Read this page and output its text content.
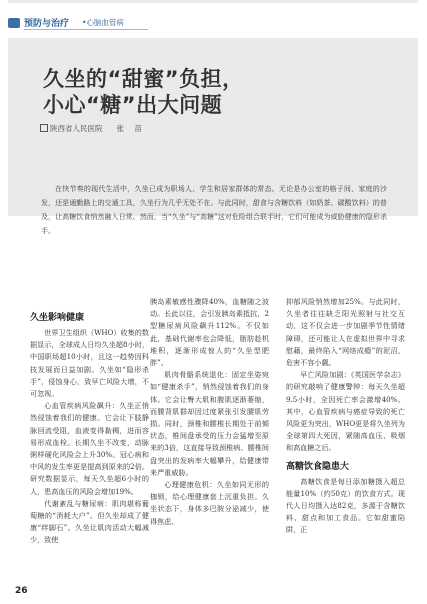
预防与治疗 •心脑血管病
久坐的“甜蜜”负担，
小心“糖”出大问题
陕西省人民医院 张 苗
在快节奏的现代生活中，久坐已成为职场人、学生和居家群体的常态。无论是办公室的格子间、家庭的沙发，还是通勤路上的交通工具，久坐行为几乎无处不在。与此同时，甜食与含糖饮料（如奶茶、碳酸饮料）的普及，让高糖饮食悄然融入日常。然而，当“久坐”与“高糖”这对危险组合联手时，它们可能成为威胁健康的隐形杀手。

久坐影响健康

世界卫生组织（WHO）收集的数据显示，全球成人日均久坐超8小时，中国职场超10小时，且这一趋势因科技发展而日益加剧。久坐如“隐形杀手”，侵蚀身心，致早亡风险大增，不可忽视。

心血管疾病风险飙升：久坐正悄然侵蚀着我们的健康。它会让下肢静脉回流受阻，血液变得黏稠，进而容易形成血栓。长期久坐不改变，动脉粥样硬化风险会上升30%。冠心病和中风的发生率更是提高到原来的2倍。研究数据显示，每天久坐超6小时的人，患高血压的风险会增加19%。

代谢紊乱与糖尿病：肌肉堪称葡萄糖的“消耗大户”。但久坐却成了健康“绊脚石”。久坐让肌肉活动大幅减少，致使

胰岛素敏感性骤降40%，血糖随之波动。长此以往，会引发胰岛素抵抗，2型糖尿病风险飙升112%。不仅如此，基础代谢率也会降低，脂肪趁机堆积，逐渐形成惊人的“久坐型肥胖”。

肌肉骨骼系统退化：固定坐姿宛如“健康杀手”，悄然侵蚀着我们的身体。它会让臀大肌和腹肌逐渐萎缩，而腰背肌群却因过度紧张引发腰肌劳损。同时，颈椎和腰椎长期处于前倾状态，椎间盘承受的压力会猛增至原来的3倍，这直接导致颈椎病、腰椎间盘突出的发病率大幅攀升，给健康带来严重威胁。

心理健康危机：久坐如同无形的枷锁，给心理健康套上沉重负担。久坐状态下，身体多巴胺分泌减少，使得焦虑、

抑郁风险悄然增加25%。与此同时，久坐者往往缺乏阳光照射与社交互动，这不仅会进一步加剧季节性情绪障碍，还可能让人在虚拟世界中寻求慰藉，最终陷入“网络成瘾”的泥沼，危害不容小觑。

早亡风险加剧：《英国医学杂志》的研究敲响了健康警钟：每天久坐超9.5小时，全因死亡率会激增40%。其中，心血管疾病与癌症导致的死亡风险更为突出，WHO更是将久坐列为全球第四大死因，紧随高血压、吸烟和高血糖之后。

高糖饮食隐患大

高糖饮食是每日添加糖摄入超总能量10%（约50克）的饮食方式。现代人日均摄入达82克，多源于含糖饮料、甜点和加工食品。它如甜蜜陷阱，正

26
